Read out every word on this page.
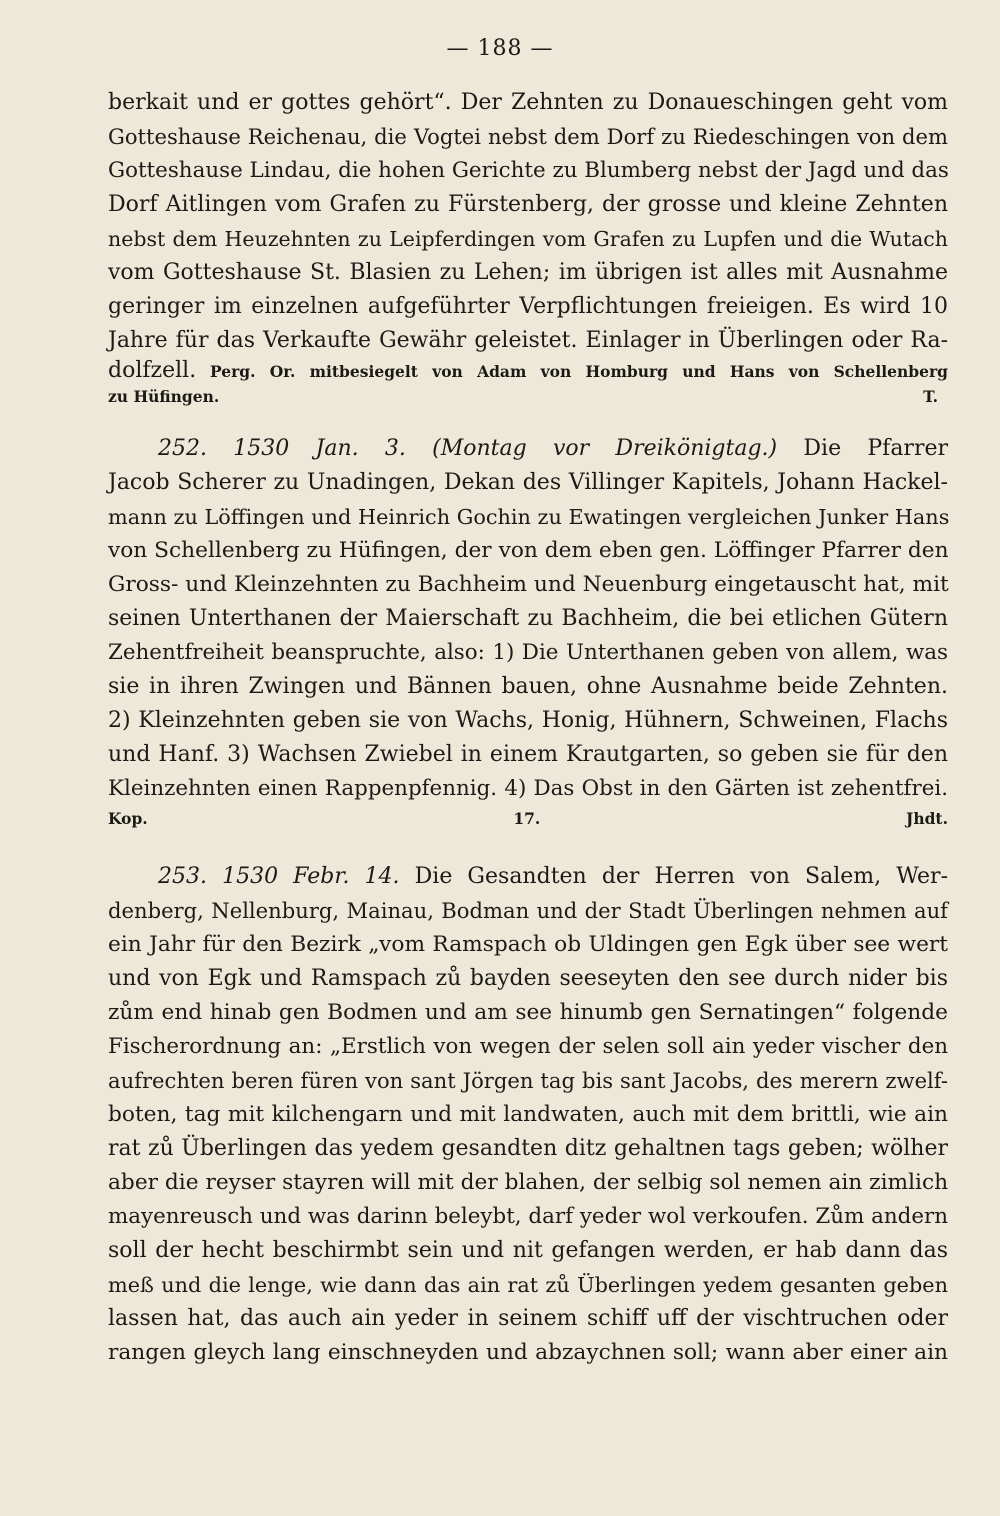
— 188 —
berkait und er gottes gehört“. Der Zehnten zu Donaueschingen geht vom
Gotteshause Reichenau, die Vogtei nebst dem Dorf zu Riedeschingen von dem
Gotteshause Lindau, die hohen Gerichte zu Blumberg nebst der Jagd und das
Dorf Aitlingen vom Grafen zu Fürstenberg, der grosse und kleine Zehnten
nebst dem Heuzehnten zu Leipferdingen vom Grafen zu Lupfen und die Wutach
vom Gotteshause St. Blasien zu Lehen; im übrigen ist alles mit Ausnahme
geringer im einzelnen aufgeführter Verpflichtungen freieigen. Es wird 10
Jahre für das Verkaufte Gewähr geleistet. Einlager in Überlingen oder Ra-
dolfzell. Perg. Or. mitbesiegelt von Adam von Homburg und Hans von Schellenberg
zu Hüfingen.	T.
252. 1530 Jan. 3. (Montag vor Dreikönigtag.) Die Pfarrer
Jacob Scherer zu Unadingen, Dekan des Villinger Kapitels, Johann Hackel-
mann zu Löffingen und Heinrich Gochin zu Ewatingen vergleichen Junker Hans
von Schellenberg zu Hüfingen, der von dem eben gen. Löffinger Pfarrer den
Gross- und Kleinzehnten zu Bachheim und Neuenburg eingetauscht hat, mit
seinen Unterthanen der Maierschaft zu Bachheim, die bei etlichen Gütern
Zehentfreiheit beanspruchte, also: 1) Die Unterthanen geben von allem, was
sie in ihren Zwingen und Bännen bauen, ohne Ausnahme beide Zehnten.
2) Kleinzehnten geben sie von Wachs, Honig, Hühnern, Schweinen, Flachs
und Hanf. 3) Wachsen Zwiebel in einem Krautgarten, so geben sie für den
Kleinzehnten einen Rappenpfennig. 4) Das Obst in den Gärten ist zehentfrei.
Kop. 17. Jhdt.
253. 1530 Febr. 14. Die Gesandten der Herren von Salem, Wer-
denberg, Nellenburg, Mainau, Bodman und der Stadt Überlingen nehmen auf
ein Jahr für den Bezirk „vom Ramspach ob Uldingen gen Egk über see wert
und von Egk und Ramspach zů bayden seeseyten den see durch nider bis
zům end hinab gen Bodmen und am see hinumb gen Sernatingen“ folgende
Fischerordnung an: „Erstlich von wegen der selen soll ain yeder vischer den
aufrechten beren füren von sant Jörgen tag bis sant Jacobs, des merern zwelf-
boten, tag mit kilchengarn und mit landwaten, auch mit dem brittli, wie ain
rat zů Überlingen das yedem gesandten ditz gehaltnen tags geben; wölher
aber die reyser stayren will mit der blahen, der selbig sol nemen ain zimlich
mayenreusch und was darinn beleybt, darf yeder wol verkoufen. Zům andern
soll der hecht beschirmbt sein und nit gefangen werden, er hab dann das
meß und die lenge, wie dann das ain rat zů Überlingen yedem gesanten geben
lassen hat, das auch ain yeder in seinem schiff uff der vischtruchen oder
rangen gleych lang einschneyden und abzaychnen soll; wann aber einer ain
